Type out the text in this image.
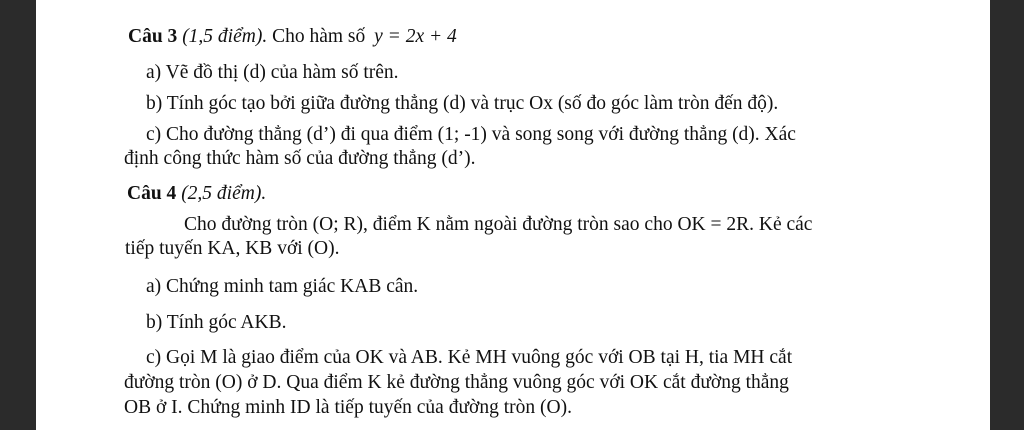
Câu 3 (1,5 điểm). Cho hàm số y = 2x + 4
a) Vẽ đồ thị (d) của hàm số trên.
b) Tính góc tạo bởi giữa đường thẳng (d) và trục Ox (số đo góc làm tròn đến độ).
c) Cho đường thẳng (d’) đi qua điểm (1; -1) và song song với đường thẳng (d). Xác
định công thức hàm số của đường thẳng (d’).
Câu 4 (2,5 điểm).
Cho đường tròn (O; R), điểm K nằm ngoài đường tròn sao cho OK = 2R. Kẻ các
tiếp tuyến KA, KB với (O).
a) Chứng minh tam giác KAB cân.
b) Tính góc AKB.
c) Gọi M là giao điểm của OK và AB. Kẻ MH vuông góc với OB tại H, tia MH cắt
đường tròn (O) ở D. Qua điểm K kẻ đường thẳng vuông góc với OK cắt đường thẳng
OB ở I. Chứng minh ID là tiếp tuyến của đường tròn (O).
